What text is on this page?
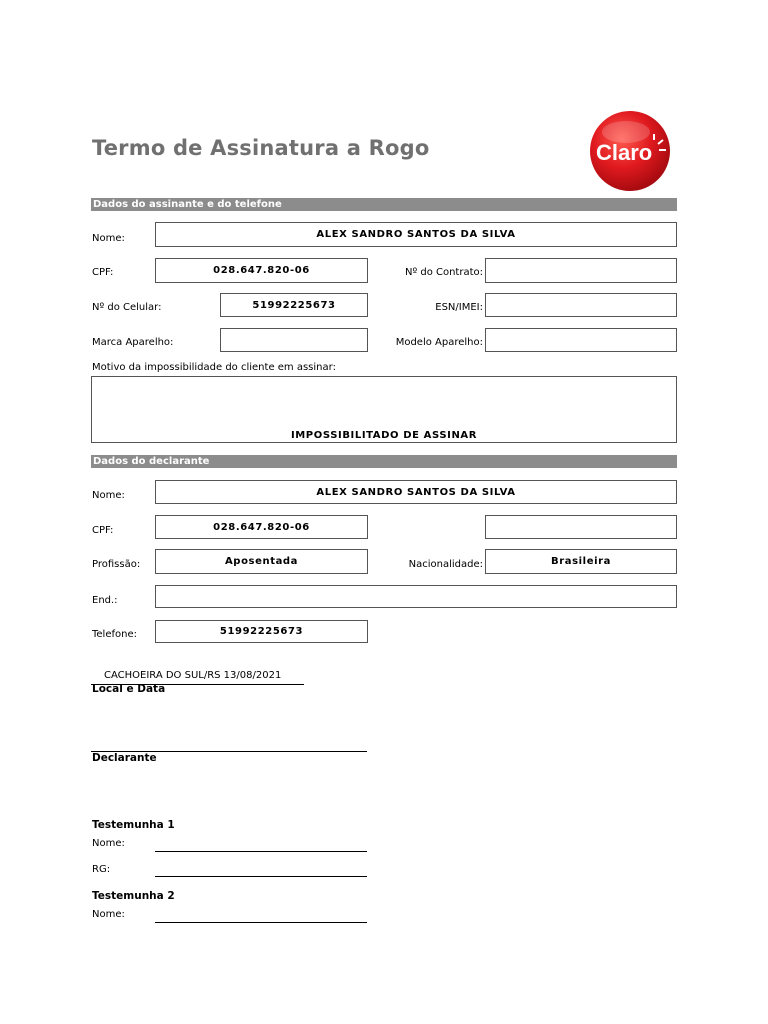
Termo de Assinatura a Rogo	Claro
Dados do assinante e do telefone
Nome:	ALEX SANDRO SANTOS DA SILVA
CPF:	028.647.820-06	Nº do Contrato:
Nº do Celular:	51992225673	ESN/IMEI:
Marca Aparelho:	Modelo Aparelho:
Motivo da impossibilidade do cliente em assinar:
IMPOSSIBILITADO DE ASSINAR
Dados do declarante
Nome:	ALEX SANDRO SANTOS DA SILVA
CPF:	028.647.820-06
Profissão:	Aposentada	Nacionalidade:	Brasileira
End.:
Telefone:	51992225673
CACHOEIRA DO SUL/RS 13/08/2021
Local e Data
Declarante
Testemunha 1
Nome:
RG:
Testemunha 2
Nome:
